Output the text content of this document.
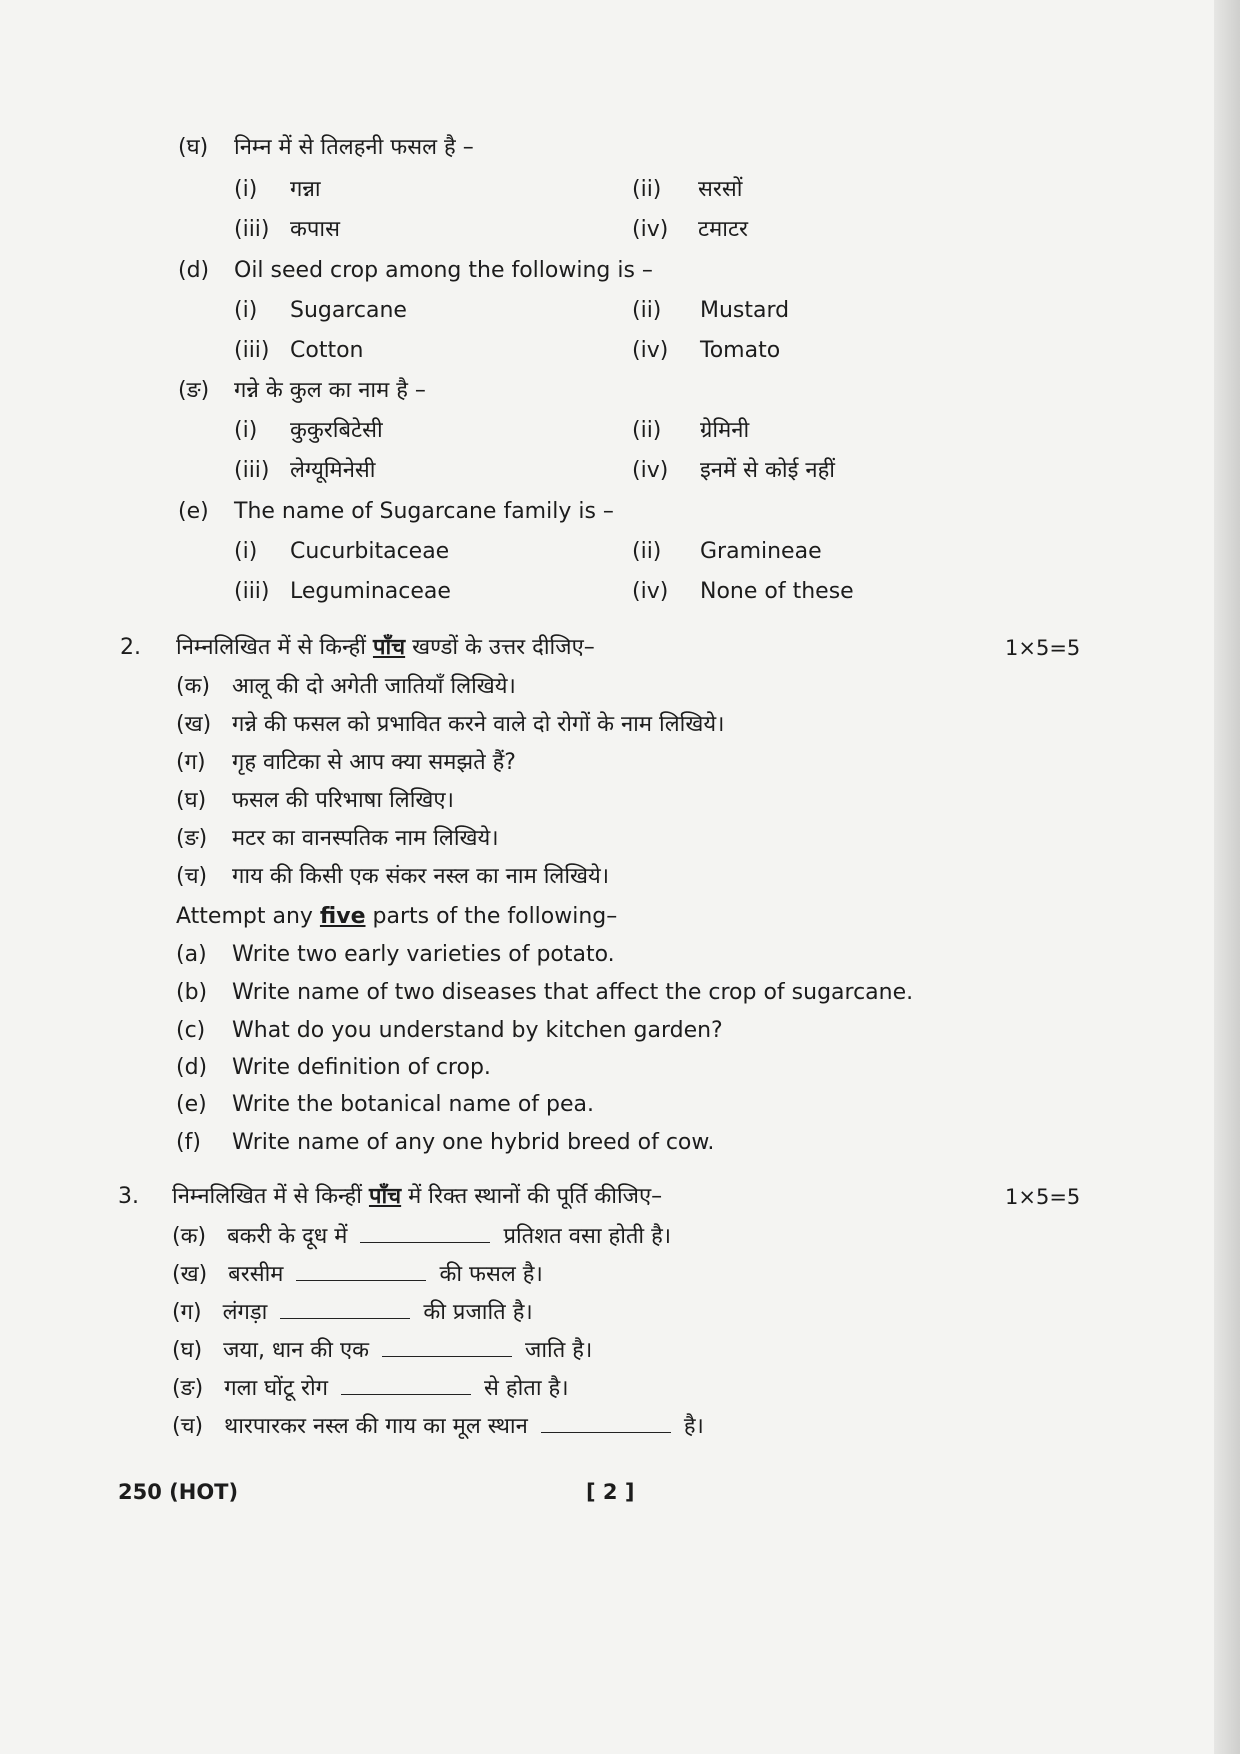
(घ) निम्न में से तिलहनी फसल है –
(i) गन्ना	(ii) सरसों
(iii) कपास	(iv) टमाटर
(d) Oil seed crop among the following is –
(i) Sugarcane	(ii) Mustard
(iii) Cotton	(iv) Tomato
(ङ) गन्ने के कुल का नाम है –
(i) कुकुरबिटेसी	(ii) ग्रेमिनी
(iii) लेग्यूमिनेसी	(iv) इनमें से कोई नहीं
(e) The name of Sugarcane family is –
(i) Cucurbitaceae	(ii) Gramineae
(iii) Leguminaceae	(iv) None of these
2. निम्नलिखित में से किन्हीं पाँच खण्डों के उत्तर दीजिए–	1×5=5
(क) आलू की दो अगेती जातियाँ लिखिये।
(ख) गन्ने की फसल को प्रभावित करने वाले दो रोगों के नाम लिखिये।
(ग) गृह वाटिका से आप क्या समझते हैं?
(घ) फसल की परिभाषा लिखिए।
(ङ) मटर का वानस्पतिक नाम लिखिये।
(च) गाय की किसी एक संकर नस्ल का नाम लिखिये।
Attempt any five parts of the following–
(a) Write two early varieties of potato.
(b) Write name of two diseases that affect the crop of sugarcane.
(c) What do you understand by kitchen garden?
(d) Write definition of crop.
(e) Write the botanical name of pea.
(f) Write name of any one hybrid breed of cow.
3. निम्नलिखित में से किन्हीं पाँच में रिक्त स्थानों की पूर्ति कीजिए–	1×5=5
(क) बकरी के दूध में	प्रतिशत वसा होती है।
(ख) बरसीम	की फसल है।
(ग) लंगड़ा	की प्रजाति है।
(घ) जया, धान की एक	जाति है।
(ङ) गला घोंटू रोग	से होता है।
(च) थारपारकर नस्ल की गाय का मूल स्थान	है।
250 (HOT)	[ 2 ]
